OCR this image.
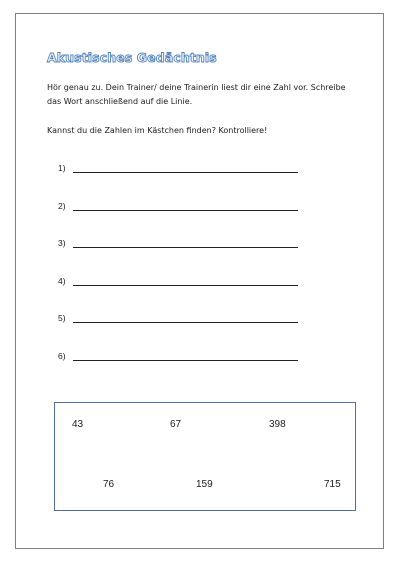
Akustisches Gedächtnis

Hör genau zu. Dein Trainer/ deine Trainerin liest dir eine Zahl vor. Schreibe das Wort anschließend auf die Linie.

Kannst du die Zahlen im Kästchen finden? Kontrolliere!

1)
2)
3)
4)
5)
6)
43	67	398
76	159	715
